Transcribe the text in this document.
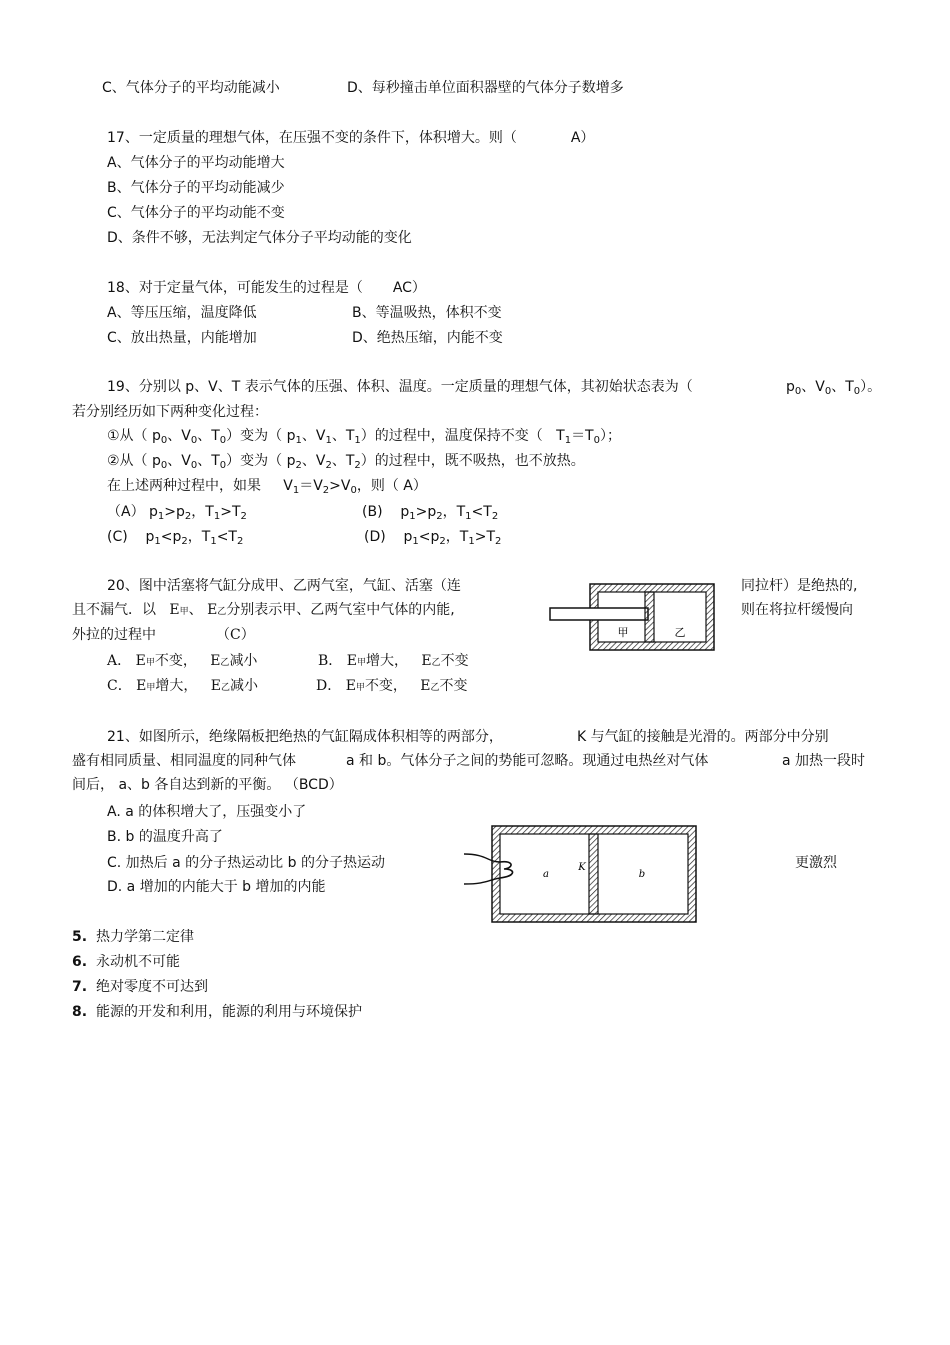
C、气体分子的平均动能减小	D、每秒撞击单位面积器壁的气体分子数增多
17、一定质量的理想气体，在压强不变的条件下，体积增大。则（	A）
A、气体分子的平均动能增大
B、气体分子的平均动能减少
C、气体分子的平均动能不变
D、条件不够，无法判定气体分子平均动能的变化
18、对于定量气体，可能发生的过程是（ AC）
A、等压压缩，温度降低	B、等温吸热，体积不变
C、放出热量，内能增加	D、绝热压缩，内能不变
19、分别以 p、V、T 表示气体的压强、体积、温度。一定质量的理想气体，其初始状态表为（	$p_0$、$V_0$、$T_0$）。
若分别经历如下两种变化过程：
①从（ $p_0$、$V_0$、$T_0$）变为（ $p_1$、$V_1$、$T_1$）的过程中，温度保持不变（   $T_1=T_0$）；
②从（ $p_0$、$V_0$、$T_0$）变为（ $p_2$、$V_2$、$T_2$）的过程中，既不吸热，也不放热。
在上述两种过程中，如果     $V_1=V_2>V_0$，则（ A）
（A） $p_1>p_2$，$T_1>T_2$	(B)    $p_1>p_2$，$T_1<T_2$
(C)    $p_1<p_2$，$T_1<T_2$	(D)    $p_1<p_2$，$T_1>T_2$
20、图中活塞将气缸分成甲、乙两气室，气缸、活塞（连	同拉杆）是绝热的,
且不漏气．以 E甲、 E乙分别表示甲、乙两气室中气体的内能,	则在将拉杆缓慢向
外拉的过程中	（C）
A． E甲不变， E乙减小	B． E甲增大， E乙不变
C． E甲增大， E乙减小	D． E甲不变， E乙不变
甲	乙
21、如图所示，绝缘隔板把绝热的气缸隔成体积相等的两部分，	K 与气缸的接触是光滑的。两部分中分别
盛有相同质量、相同温度的同种气体	a 和 b。气体分子之间的势能可忽略。现通过电热丝对气体	a 加热一段时
间后， a、b 各自达到新的平衡。 （BCD）
A. a 的体积增大了，压强变小了
B. b 的温度升高了
C. 加热后 a 的分子热运动比 b 的分子热运动	更激烈
D. a 增加的内能大于 b 增加的内能
a
K
b
5. 热力学第二定律
6. 永动机不可能
7. 绝对零度不可达到
8. 能源的开发和利用，能源的利用与环境保护
